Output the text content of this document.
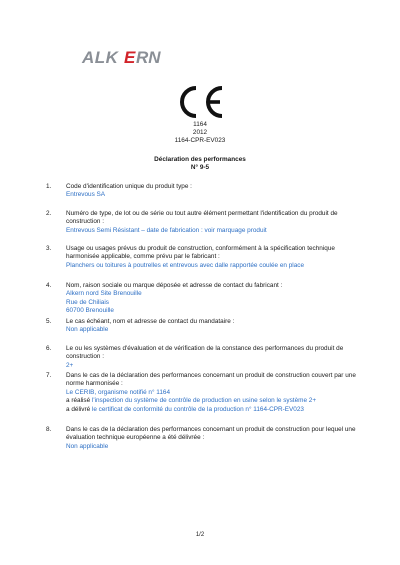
ALK E RN
1164
2012
1164-CPR-EV023
Déclaration des performances
N° 9-5
1. Code d'identification unique du produit type :
Entrevous SA
2. Numéro de type, de lot ou de série ou tout autre élément permettant l'identification du produit de construction :
Entrevous Semi Résistant – date de fabrication : voir marquage produit
3. Usage ou usages prévus du produit de construction, conformément à la spécification technique harmonisée applicable, comme prévu par le fabricant :
Planchers ou toitures à poutrelles et entrevous avec dalle rapportée coulée en place
4. Nom, raison sociale ou marque déposée et adresse de contact du fabricant :
Alkern nord Site Brenouille
Rue de Chiliais
60700 Brenouille
5. Le cas échéant, nom et adresse de contact du mandataire :
Non applicable
6. Le ou les systèmes d'évaluation et de vérification de la constance des performances du produit de construction :
2+
7. Dans le cas de la déclaration des performances concernant un produit de construction couvert par une norme harmonisée :
Le CERIB, organisme notifié n° 1164
a réalisé l'inspection du système de contrôle de production en usine selon le système 2+
a délivré le certificat de conformité du contrôle de la production n° 1164-CPR-EV023
8. Dans le cas de la déclaration des performances concernant un produit de construction pour lequel une évaluation technique européenne a été délivrée :
Non applicable
1/2
